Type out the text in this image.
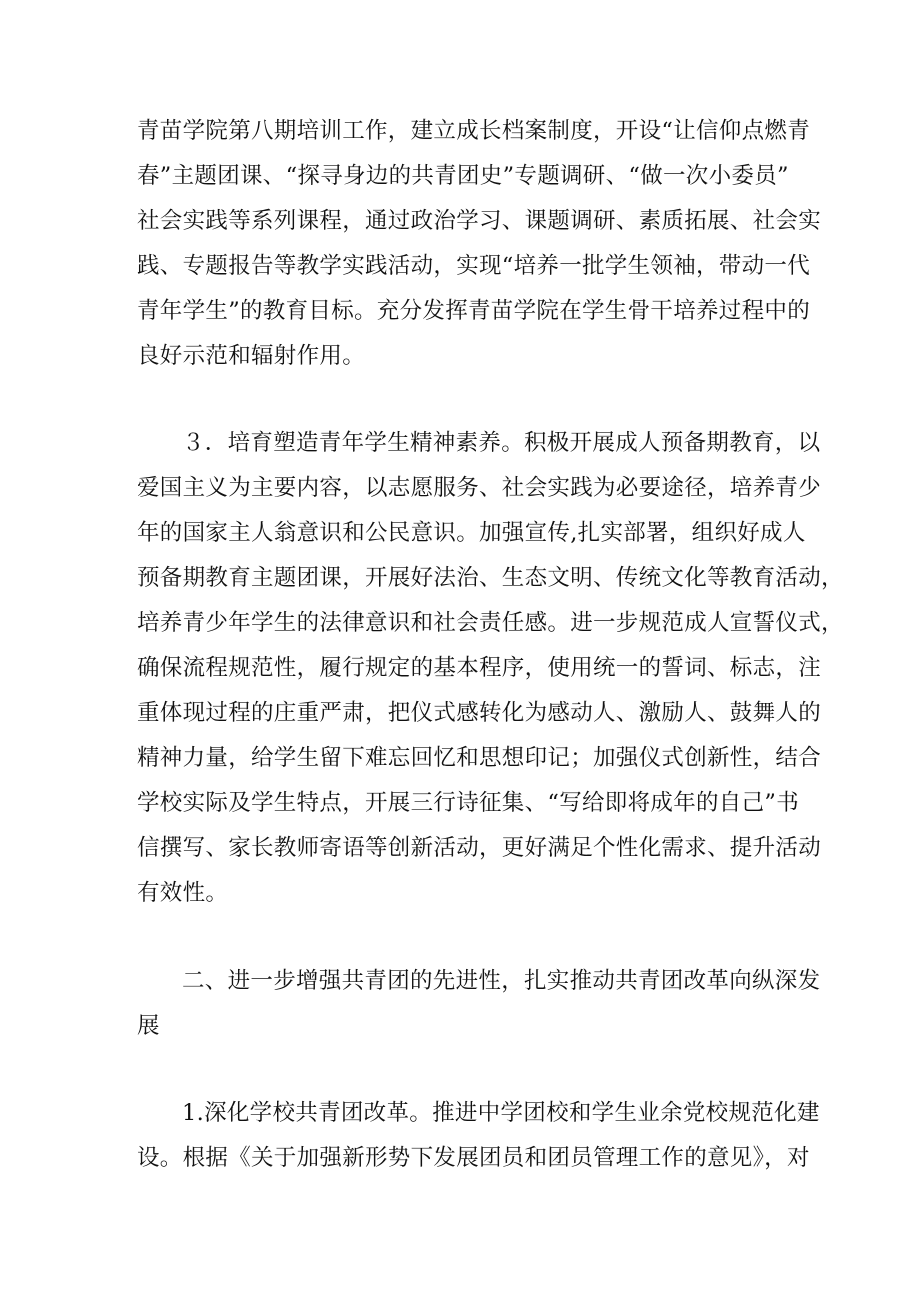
青苗学院第八期培训工作，建立成长档案制度，开设“让信仰点燃青
春”主题团课、“探寻身边的共青团史”专题调研、“做一次小委员”
社会实践等系列课程，通过政治学习、课题调研、素质拓展、社会实
践、专题报告等教学实践活动，实现“培养一批学生领袖，带动一代
青年学生”的教育目标。充分发挥青苗学院在学生骨干培养过程中的
良好示范和辐射作用。
３．培育塑造青年学生精神素养。积极开展成人预备期教育，以
爱国主义为主要内容，以志愿服务、社会实践为必要途径，培养青少
年的国家主人翁意识和公民意识。加强宣传,扎实部署，组织好成人
预备期教育主题团课，开展好法治、生态文明、传统文化等教育活动，
培养青少年学生的法律意识和社会责任感。进一步规范成人宣誓仪式，
确保流程规范性，履行规定的基本程序，使用统一的誓词、标志，注
重体现过程的庄重严肃，把仪式感转化为感动人、激励人、鼓舞人的
精神力量，给学生留下难忘回忆和思想印记；加强仪式创新性，结合
学校实际及学生特点，开展三行诗征集、“写给即将成年的自己”书
信撰写、家长教师寄语等创新活动，更好满足个性化需求、提升活动
有效性。
二、进一步增强共青团的先进性，扎实推动共青团改革向纵深发
展
1.深化学校共青团改革。推进中学团校和学生业余党校规范化建
设。根据《关于加强新形势下发展团员和团员管理工作的意见》，对
